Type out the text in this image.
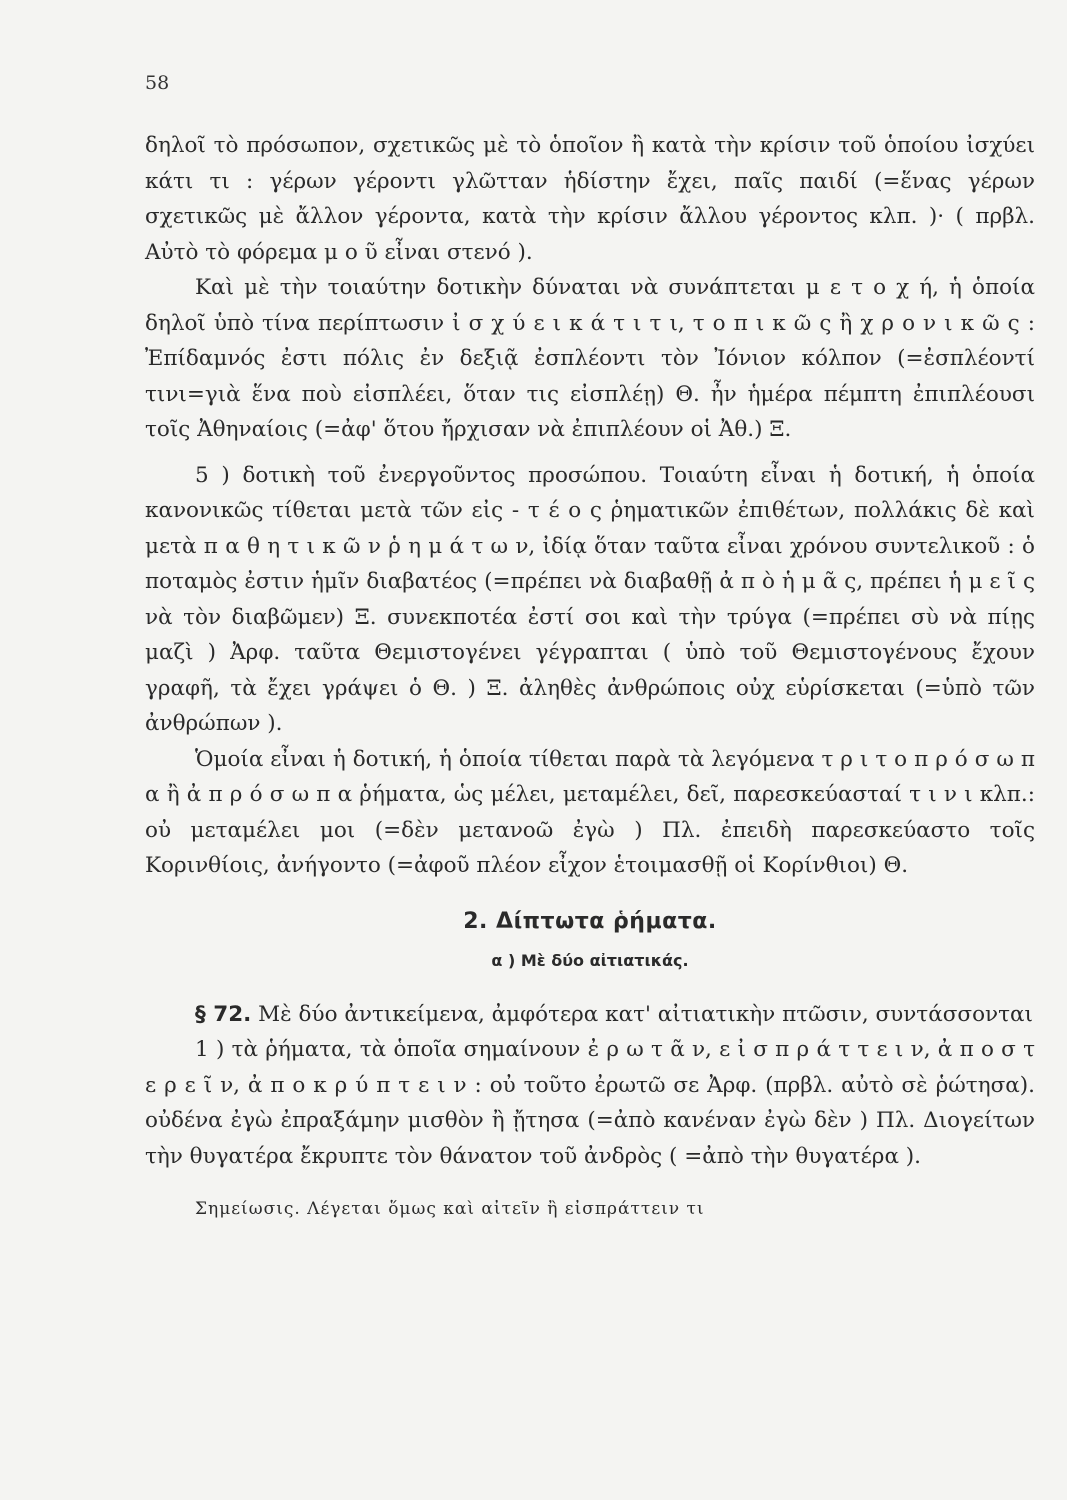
58

δηλοῖ τὸ πρόσωπον, σχετικῶς μὲ τὸ ὁποῖον ἢ κατὰ τὴν κρίσιν τοῦ ὁποίου ἰσχύει κάτι τι : γέρων γέροντι γλῶτταν ἡδίστην ἔχει, παῖς παιδί (=ἕνας γέρων σχετικῶς μὲ ἄλλον γέροντα, κατὰ τὴν κρίσιν ἄλλου γέροντος κλπ. )· ( πρβλ. Αὐτὸ τὸ φόρεμα μ ο ῦ εἶναι στενό ).

Καὶ μὲ τὴν τοιαύτην δοτικὴν δύναται νὰ συνάπτεται μ ε τ ο χ ή, ἡ ὁποία δηλοῖ ὑπὸ τίνα περίπτωσιν ἰ σ χ ύ ε ι κ ά τ ι τ ι, τ ο π ι κ ῶ ς ἢ χ ρ ο ν ι κ ῶ ς : Ἐπίδαμνός ἐστι πόλις ἐν δεξιᾷ ἐσπλέοντι τὸν Ἰόνιον κόλπον (=ἐσπλέοντί τινι=γιὰ ἕνα ποὺ εἰσπλέει, ὅταν τις εἰσπλέῃ) Θ. ἦν ἡμέρα πέμπτη ἐπιπλέουσι τοῖς Ἀθηναίοις (=ἀφ' ὅτου ἤρχισαν νὰ ἐπιπλέουν οἱ Ἀθ.) Ξ.

5 ) δοτικὴ τοῦ ἐνεργοῦντος προσώπου. Τοιαύτη εἶναι ἡ δοτική, ἡ ὁποία κανονικῶς τίθεται μετὰ τῶν εἰς - τ έ ο ς ῥηματικῶν ἐπιθέτων, πολλάκις δὲ καὶ μετὰ π α θ η τ ι κ ῶ ν ῥ η μ ά τ ω ν, ἰδίᾳ ὅταν ταῦτα εἶναι χρόνου συντελικοῦ : ὁ ποταμὸς ἐστιν ἡμῖν διαβατέος (=πρέπει νὰ διαβαθῇ ἀ π ὸ ἡ μ ᾶ ς, πρέπει ἡ μ ε ῖ ς νὰ τὸν διαβῶμεν) Ξ. συνεκποτέα ἐστί σοι καὶ τὴν τρύγα (=πρέπει σὺ νὰ πίῃς μαζὶ ) Ἀρφ. ταῦτα Θεμιστογένει γέγραπται ( ὑπὸ τοῦ Θεμιστογένους ἔχουν γραφῆ, τὰ ἔχει γράψει ὁ Θ. ) Ξ. ἀληθὲς ἀνθρώποις οὐχ εὑρίσκεται (=ὑπὸ τῶν ἀνθρώπων ).

Ὁμοία εἶναι ἡ δοτική, ἡ ὁποία τίθεται παρὰ τὰ λεγόμενα τ ρ ι τ ο π ρ ό σ ω π α ἢ ἀ π ρ ό σ ω π α ῥήματα, ὡς μέλει, μεταμέλει, δεῖ, παρεσκεύασταί τ ι ν ι κλπ.: οὐ μεταμέλει μοι (=δὲν μετανοῶ ἐγὼ ) Πλ. ἐπειδὴ παρεσκεύαστο τοῖς Κορινθίοις, ἀνήγοντο (=ἀφοῦ πλέον εἶχον ἑτοιμασθῇ οἱ Κορίνθιοι) Θ.

2. Δίπτωτα ῥήματα.

α ) Μὲ δύο αἰτιατικάς.

§ 72. Μὲ δύο ἀντικείμενα, ἀμφότερα κατ' αἰτιατικὴν πτῶσιν, συντάσσονται

1 ) τὰ ῥήματα, τὰ ὁποῖα σημαίνουν ἐ ρ ω τ ᾶ ν, ε ἰ σ π ρ ά τ τ ε ι ν, ἀ π ο σ τ ε ρ ε ῖ ν, ἀ π ο κ ρ ύ π τ ε ι ν : οὐ τοῦτο ἐρωτῶ σε Ἀρφ. (πρβλ. αὐτὸ σὲ ῥώτησα). οὐδένα ἐγὼ ἐπραξάμην μισθὸν ἢ ᾔτησα (=ἀπὸ κανέναν ἐγὼ δὲν ) Πλ. Διογείτων τὴν θυγατέρα ἔκρυπτε τὸν θάνατον τοῦ ἀνδρὸς ( =ἀπὸ τὴν θυγατέρα ).

Σημείωσις. Λέγεται ὅμως καὶ αἰτεῖν ἢ εἰσπράττειν τι
